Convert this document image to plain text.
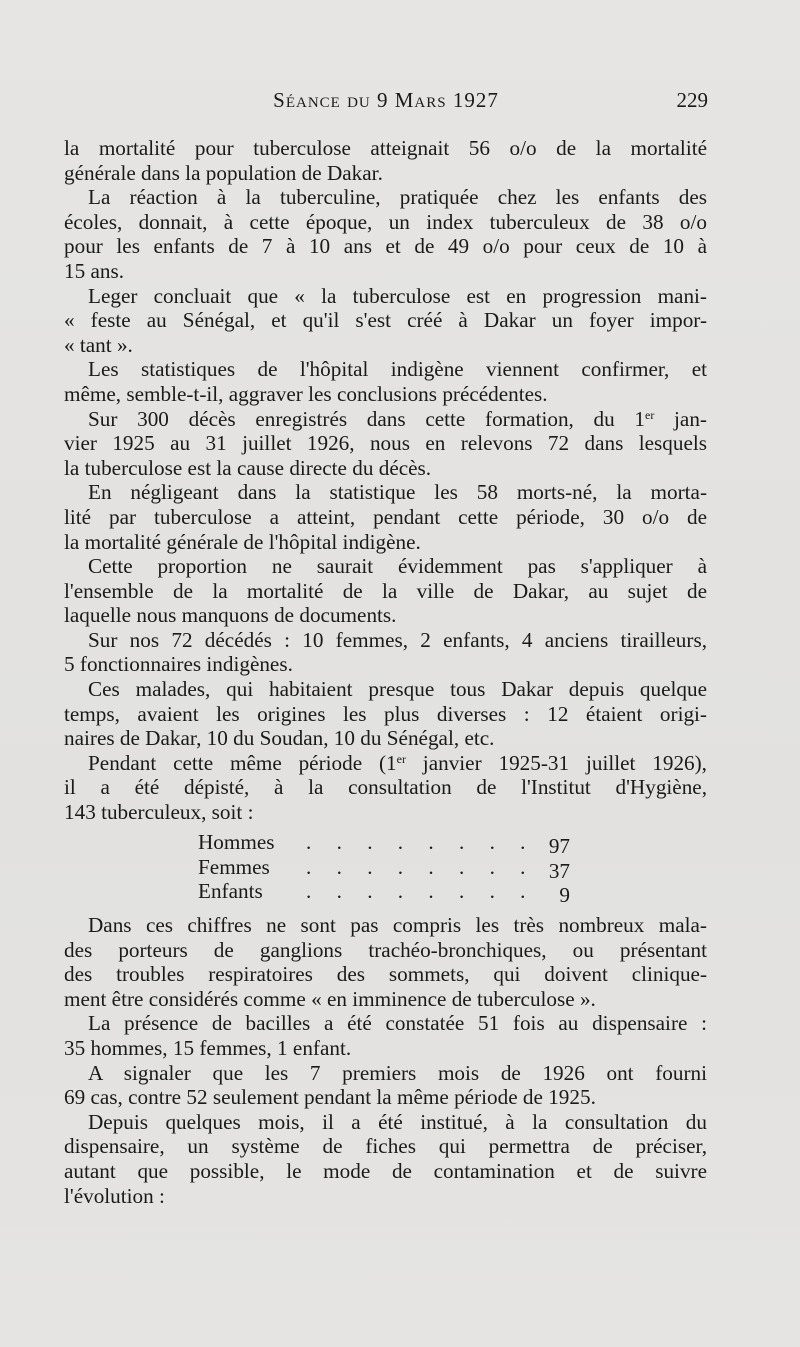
Séance du 9 Mars 1927	229
la mortalité pour tuberculose atteignait 56 o/o de la mortalité
générale dans la population de Dakar.
La réaction à la tuberculine, pratiquée chez les enfants des
écoles, donnait, à cette époque, un index tuberculeux de 38 o/o
pour les enfants de 7 à 10 ans et de 49 o/o pour ceux de 10 à
15 ans.
Leger concluait que « la tuberculose est en progression mani-
« feste au Sénégal, et qu'il s'est créé à Dakar un foyer impor-
« tant ».
Les statistiques de l'hôpital indigène viennent confirmer, et
même, semble-t-il, aggraver les conclusions précédentes.
Sur 300 décès enregistrés dans cette formation, du 1er jan-
vier 1925 au 31 juillet 1926, nous en relevons 72 dans lesquels
la tuberculose est la cause directe du décès.
En négligeant dans la statistique les 58 morts-né, la morta-
lité par tuberculose a atteint, pendant cette période, 30 o/o de
la mortalité générale de l'hôpital indigène.
Cette proportion ne saurait évidemment pas s'appliquer à
l'ensemble de la mortalité de la ville de Dakar, au sujet de
laquelle nous manquons de documents.
Sur nos 72 décédés : 10 femmes, 2 enfants, 4 anciens tirailleurs,
5 fonctionnaires indigènes.
Ces malades, qui habitaient presque tous Dakar depuis quelque
temps, avaient les origines les plus diverses : 12 étaient origi-
naires de Dakar, 10 du Soudan, 10 du Sénégal, etc.
Pendant cette même période (1er janvier 1925-31 juillet 1926),
il a été dépisté, à la consultation de l'Institut d'Hygiène,
143 tuberculeux, soit :
Hommes . . . . . . . . 97
Femmes . . . . . . . . 37
Enfants . . . . . . . . 9
Dans ces chiffres ne sont pas compris les très nombreux mala-
des porteurs de ganglions trachéo-bronchiques, ou présentant
des troubles respiratoires des sommets, qui doivent clinique-
ment être considérés comme « en imminence de tuberculose ».
La présence de bacilles a été constatée 51 fois au dispensaire :
35 hommes, 15 femmes, 1 enfant.
A signaler que les 7 premiers mois de 1926 ont fourni
69 cas, contre 52 seulement pendant la même période de 1925.
Depuis quelques mois, il a été institué, à la consultation du
dispensaire, un système de fiches qui permettra de préciser,
autant que possible, le mode de contamination et de suivre
l'évolution :
